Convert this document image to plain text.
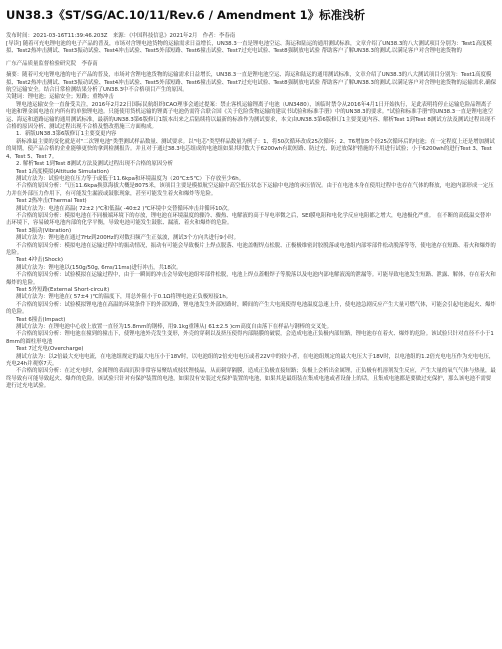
UN38.3《ST/SG/AC.10/11/Rev.6 / Amendment 1》标准浅析
发布时间：2021-03-16T11:39:46.203Z　来源：《中国科技信息》2021年2月　作者：李春南

[导读] 随着可充电锂电池的电子产品的普及，市场对含锂电池货物的运输需求日益增长，UN38.3一直是锂电池空运、海运和陆运的通用测试标准，文章介绍了UN38.3的八大测试项目分别为：Test1高度模拟、Test2热冲击测试、Test3振动试验、Test4冲击试验、Test5外部短路、Test6撞击试验、Test7过充电试验、Test8强制放电试验 帮助客户了解UN38.3的测试,以满足客户对含锂电池货物的

广东产品质量监督检验研究院　李春南

摘要：随着可充电锂电池的电子产品的普及，市场对含锂电池货物的运输需求日益增长，UN38.3一直是锂电池空运、海运和陆运的通用测试标准，文章介绍了UN38.3的八大测试项目分别为：Test1高度模拟、Test2热冲击测试、Test3振动试验、Test4冲击试验、Test5外部短路、Test6撞击试验、Test7过充电试验、Test8强制放电试验 帮助客户了解UN38.3的测试,以满足客户对含锂电池货物的运输需求,确保航空运输安全。结合日常检测结果分析了UN38.3中不合格项目产生的原因。

关键词：锂电池；运输安全；短路；重物冲击

锂电池运输安全一直备受关注，2016年2月22日国际民航组织ICAO理事会通过提案：禁止客机运输锂离子电池（UN3480），该临时禁令从2016年4月1日开始执行，足此表明将停止运输危险品锂离子电池和锂金属电池在内所有的单独锂电池。只能使用货机运输的锂离子电池仍需符合联合国《关于危险货物运输的建议书试验和标准手册》中的UN38.3的要求。"试验和标准手册"的UN38.3一直是锂电池空运、海运和道路运输的通用测试标准，最新的UN38.3第6版修订1版本出来之后陆续将以最新的标准作为测试要求，本文由UN38.3第6版修订1主要变更内容、解析Test 1到Test 8测试方法及测试过程出现不合格的原因分析、测试过程出现不合格及整改措施三方面构成。

1．新版UN38.3第6版修订1主要变更内容

新标准最主要的变化就是对"二次锂电池"类型测试样品数量、测试要求。以"电芯"类型样品数量为例子：1、将50次循环改成25次循环；2、T6增加5个经25次循环后的电池；在一定程度上还是增加测试的周期，使产品合格的企业能够更快的拿到检测报告。并且对于通过38.3电芯组成的电池组如果其时数大于6200wh有助短路、防过充、防过放保护措施的不用进行试验；小于6200wh的进行Test 3、Test 4、Test 5、Test 7。

2. 解析Test 1到Test 8测试方法及测试过程出现不合格的原因分析

Test 1高度模拟(Altitude Simulation)

测试方法为：试验电池在压力等于或低于11.6kpa和环境温度为（20℃±5℃）下存放至少6h。

不合格的原因分析：气压11.6kpa换算海拔大概是8075米，该项目主要是模拟航空运输中高空低压状态下运输中电池的承压情况。由于在电池本身在使用过程中也存在气体的释放，电池内部形成一定压力并在外部压力作用下，有可能发生漏液或鼓胀现象，甚至可能发生着火和爆炸等危险。

Test 2热冲击(Thermal Test)

测试方法为：电池在高温( 72±2 )℃和低温( -40±2 )℃环境中交替循环冲击并循环10次。

不合格的原因分析：模拟电池在不同极端环境下的存放，锂电池在环境温度的骤冷、骤热、电解液的高于导电率微之后，SEI膜电阻和电化学反应电阻都之增大，电池极化严重。　在不断的高低温交替冲击环境下，容易破坏电池内部的化学平衡，导致电池可能发生鼓胀、漏液、着火和爆炸的危险。

Test 3振动(Vibration)

测试方法为：锂电池在通过7Hz到200Hz的对数扫频产生正弦波，测试3个方向共进行9小时。

不合格的原因分析：模拟电池在运输过程中的振动情况，振动有可能会导致极片上焊点脱落、电池盖帽焊点松脱、正极极维密封胶脱落或电池组内部零部件松动脱落等等，使电池存在短路、着火和爆炸的危险。

Test 4冲击(Shock)

测试方法为：锂电池以(150g/50g, 6ms/11ms)进行冲击，共18次。

不合格的原因分析：试验模拟在运输过程中，由于一瞬间的冲击会导致电池组零部件松脱，电池上焊点蓋帽焊子等脱落以及电池内部电解液流的泄漏等。可能导致电池发生短路、泄露、解体，存在着火和爆炸的危险。

Test 5外短路(External Short-circuit)

测试方法为：锂电池在( 57±4 )℃的温度下，用总外阻小于0.1Ω将锂电池正负极短接1h。

不合格的原因分析：试验模拟锂电池在高温的环境条件下的外部短路，锂电池发生外部短路时，瞬间的产生大电流使得电池温度急速上升，使电池急剧反应产生大量可燃气体，可能会引起电池起火、爆炸的危险。

Test 6撞击(Impact)

测试方法为：在锂电池中心放上放置一直径为15.8mm的钢棒，用9.1kg重锤从( 61±2.5 )cm高度自由落下在样品与钢棒的交叉处。

不合格的原因分析：锂电池在撞到的撞击下，使锂电池外壳发生变形，外壳的穿刺以及挤压使得内部隔膜的破裂，会造成电池正负极内部短路，锂电池存在着火、爆炸的危险。该试验只针对直径不小于18mm的圆柱形电池

Test 7过充电(Overcharge)

测试方法为：以2倍最大充电电流，在电池组规定的最大电压小于18V时，以电池组的2倍充电电压或者22V中的较小者，在电池组规定的最大电压大于18V时，以电池组的1.2倍充电电压作为充电电压，充电24h并观察7天。

不合格的原因分析：在过充电时，金属锂的表面沉积非常容易聚结成枝状锂枝晶，从而刺穿隔膜，造成正负极直接短路；负极上会析出金属锂，正负极有机溶剂发生反应，产生大量的氧气气体与热量，最终导致有可能导致起火、爆炸的危险。该试验只针对有保护装置的电池，如果没有安装过充保护装置的电池，如果其是最组装在集成电池或者设备上的话，且集成电池都是要做过充保护，那么该电池不需要进行过充电试验。
